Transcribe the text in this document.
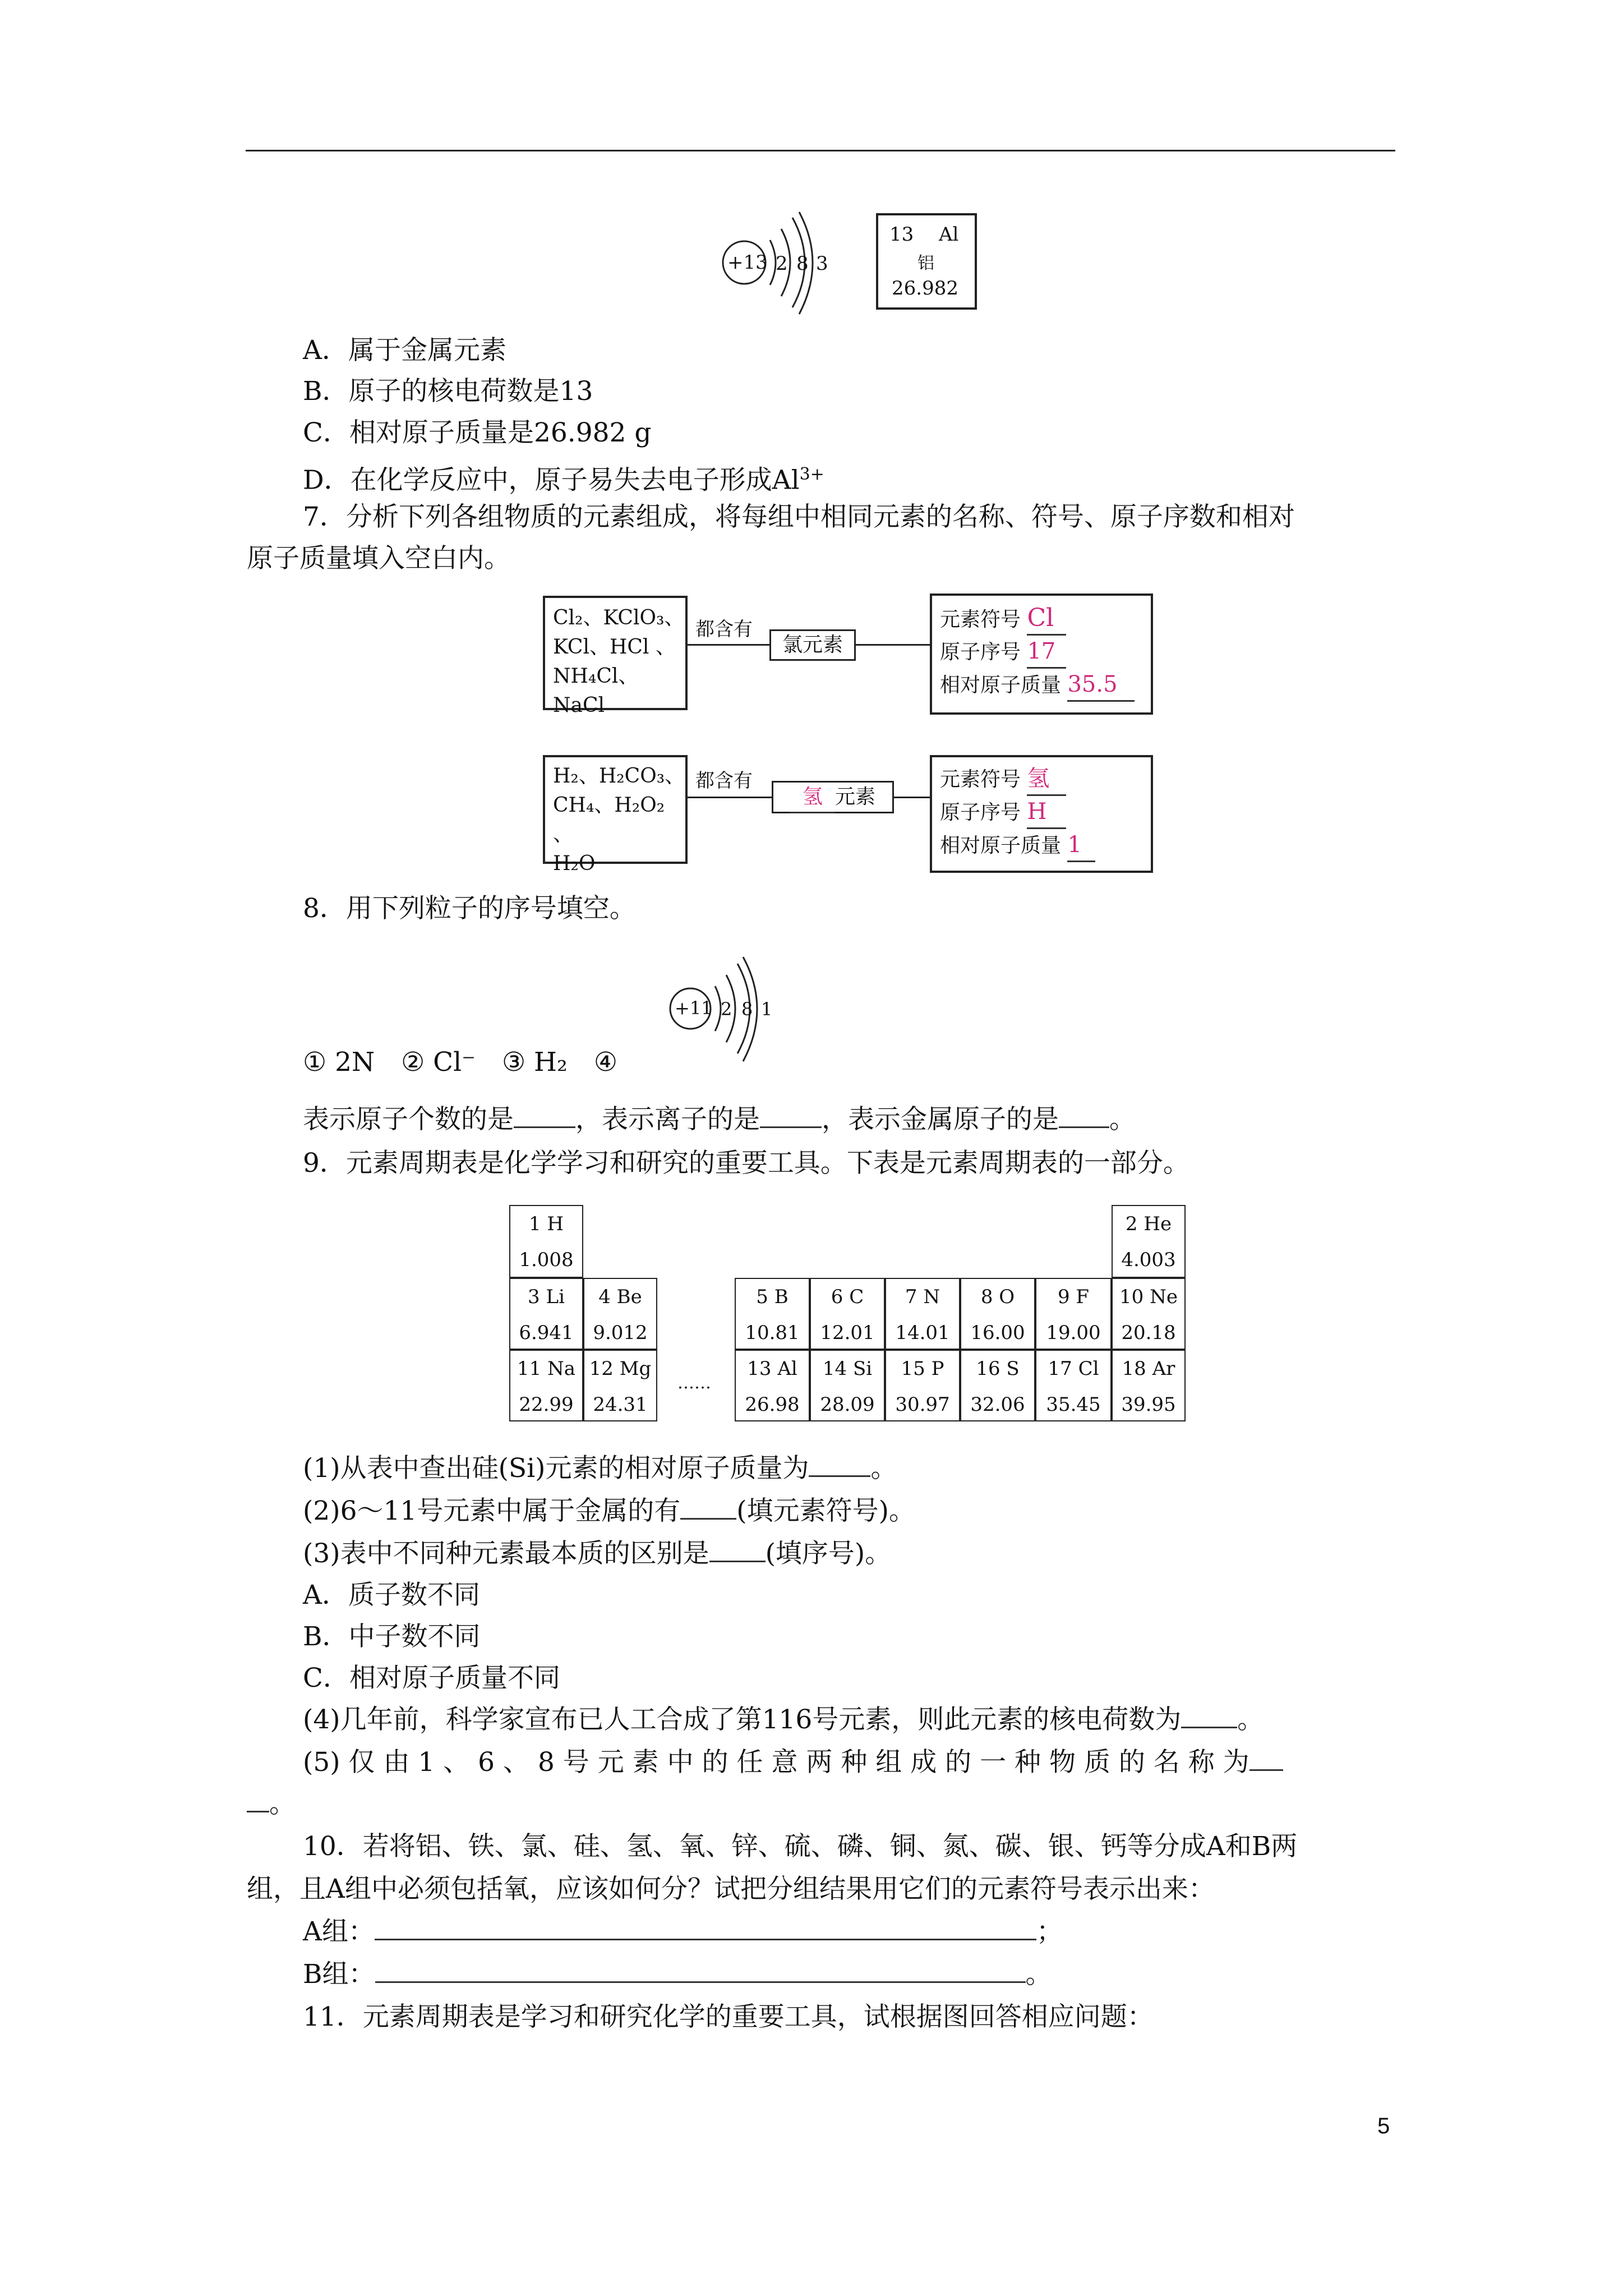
+13 2 8 3
13 Al
铝
26.982
A．属于金属元素
B．原子的核电荷数是13
C．相对原子质量是26.982 g
D．在化学反应中，原子易失去电子形成$Al^{3+}$
7．分析下列各组物质的元素组成，将每组中相同元素的名称、符号、原子序数和相对
原子质量填入空白内。
Cl₂、KClO₃、
KCl、HCl 、
NH₄Cl、NaCl
都含有
氯元素
元素符号 Cl
原子序号 17
相对原子质量 35.5
H₂、H₂CO₃、
CH₄、H₂O₂ 、
H₂O
都含有
氢 元素
元素符号 氢
原子序号 H
相对原子质量 1
8．用下列粒子的序号填空。
+11 2 8 1
① 2N　② Cl⁻　③ H₂　④
表示原子个数的是 ，表示离子的是 ，表示金属原子的是 。
9．元素周期表是化学学习和研究的重要工具。下表是元素周期表的一部分。
1 H
1.008
2 He
4.003
3 Li
6.941
4 Be
9.012
11 Na
22.99
12 Mg
24.31
……
5 B
10.81
6 C
12.01
7 N
14.01
8 O
16.00
9 F
19.00
10 Ne
20.18
13 Al
26.98
14 Si
28.09
15 P
30.97
16 S
32.06
17 Cl
35.45
18 Ar
39.95
(1)从表中查出硅(Si)元素的相对原子质量为 。
(2)6～11号元素中属于金属的有 (填元素符号)。
(3)表中不同种元素最本质的区别是 (填序号)。
A．质子数不同
B．中子数不同
C．相对原子质量不同
(4)几年前，科学家宣布已人工合成了第116号元素，则此元素的核电荷数为 。
(5) 仅 由 1 、 6 、 8 号 元 素 中 的 任 意 两 种 组 成 的 一 种 物 质 的 名 称 为
。
10．若将铝、铁、氯、硅、氢、氧、锌、硫、磷、铜、氮、碳、银、钙等分成A和B两
组，且A组中必须包括氧，应该如何分？试把分组结果用它们的元素符号表示出来：
A组：	；
B组：	。
11．元素周期表是学习和研究化学的重要工具，试根据图回答相应问题：
5
